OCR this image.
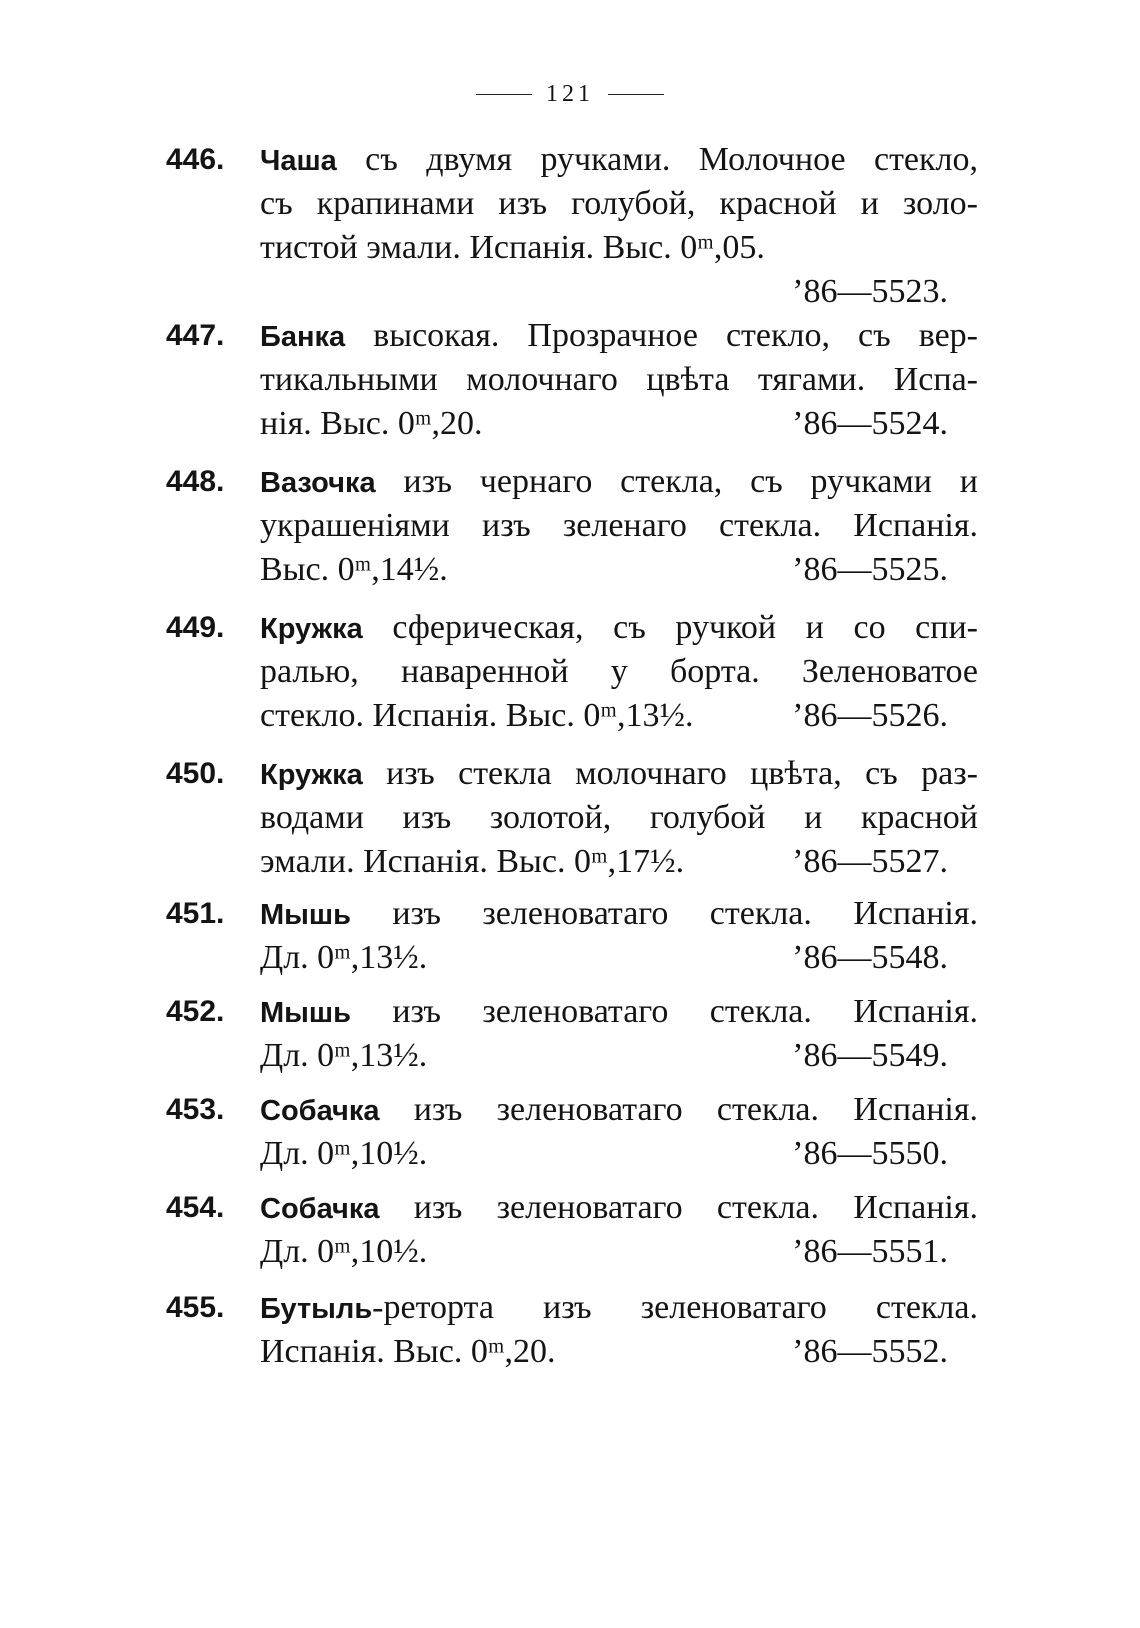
121
446. Чаша съ двумя ручками. Молочное стекло,
съ крапинами изъ голубой, красной и золо-
тистой эмали. Испанія. Выс. 0ᵐ,05.
’86—5523.
447. Банка высокая. Прозрачное стекло, съ вер-
тикальными молочнаго цвѣта тягами. Испа-
нія. Выс. 0ᵐ,20.	’86—5524.
448. Вазочка изъ чернаго стекла, съ ручками и
украшеніями изъ зеленаго стекла. Испанія.
Выс. 0ᵐ,14½.	’86—5525.
449. Кружка сферическая, съ ручкой и со спи-
ралью, наваренной у борта. Зеленоватое
стекло. Испанія. Выс. 0ᵐ,13½.	’86—5526.
450. Кружка изъ стекла молочнаго цвѣта, съ раз-
водами изъ золотой, голубой и красной
эмали. Испанія. Выс. 0ᵐ,17½.	’86—5527.
451. Мышь изъ зеленоватаго стекла. Испанія.
Дл. 0ᵐ,13½.	’86—5548.
452. Мышь изъ зеленоватаго стекла. Испанія.
Дл. 0ᵐ,13½.	’86—5549.
453. Собачка изъ зеленоватаго стекла. Испанія.
Дл. 0ᵐ,10½.	’86—5550.
454. Собачка изъ зеленоватаго стекла. Испанія.
Дл. 0ᵐ,10½.	’86—5551.
455. Бутыль-реторта изъ зеленоватаго стекла.
Испанія. Выс. 0ᵐ,20.	’86—5552.
